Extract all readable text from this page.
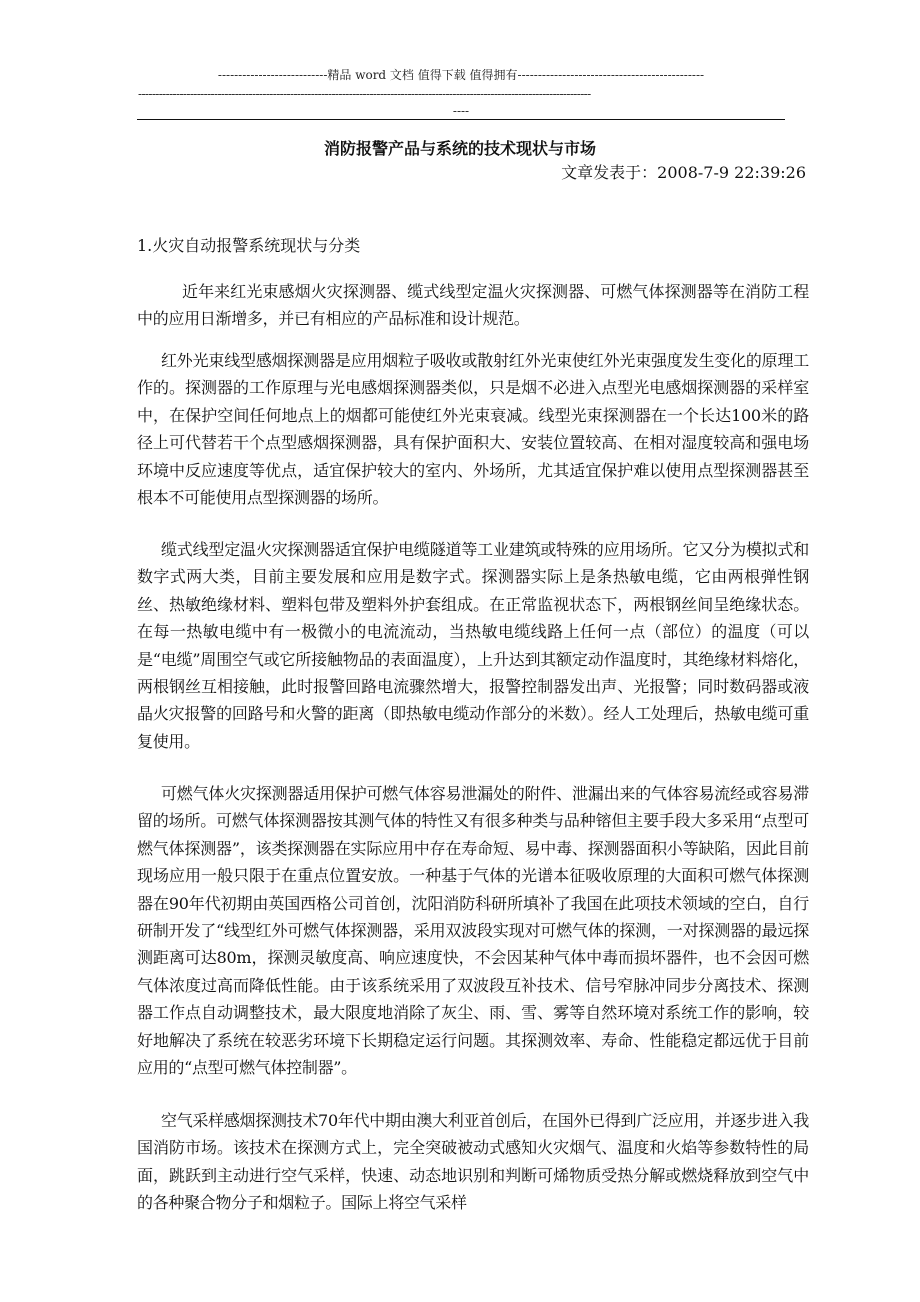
---------------------------精品 word 文档 值得下载 值得拥有----------------------------------------------
-----------------------------------------------------------------------------------------------------------------------------------
----
消防报警产品与系统的技术现状与市场
文章发表于：2008-7-9 22:39:26
1.火灾自动报警系统现状与分类

近年来红光束感烟火灾探测器、缆式线型定温火灾探测器、可燃气体探测器等在消防工程中的应用日渐增多，并已有相应的产品标准和设计规范。

红外光束线型感烟探测器是应用烟粒子吸收或散射红外光束使红外光束强度发生变化的原理工作的。探测器的工作原理与光电感烟探测器类似，只是烟不必进入点型光电感烟探测器的采样室中，在保护空间任何地点上的烟都可能使红外光束衰减。线型光束探测器在一个长达100米的路径上可代替若干个点型感烟探测器，具有保护面积大、安装位置较高、在相对湿度较高和强电场环境中反应速度等优点，适宜保护较大的室内、外场所，尤其适宜保护难以使用点型探测器甚至根本不可能使用点型探测器的场所。

缆式线型定温火灾探测器适宜保护电缆隧道等工业建筑或特殊的应用场所。它又分为模拟式和数字式两大类，目前主要发展和应用是数字式。探测器实际上是条热敏电缆，它由两根弹性钢丝、热敏绝缘材料、塑料包带及塑料外护套组成。在正常监视状态下，两根钢丝间呈绝缘状态。在每一热敏电缆中有一极微小的电流流动，当热敏电缆线路上任何一点（部位）的温度（可以是“电缆”周围空气或它所接触物品的表面温度），上升达到其额定动作温度时，其绝缘材料熔化，两根钢丝互相接触，此时报警回路电流骤然增大，报警控制器发出声、光报警；同时数码器或液晶火灾报警的回路号和火警的距离（即热敏电缆动作部分的米数）。经人工处理后，热敏电缆可重复使用。

可燃气体火灾探测器适用保护可燃气体容易泄漏处的附件、泄漏出来的气体容易流经或容易滞留的场所。可燃气体探测器按其测气体的特性又有很多种类与品种镕但主要手段大多采用“点型可燃气体探测器”，该类探测器在实际应用中存在寿命短、易中毒、探测器面积小等缺陷，因此目前现场应用一般只限于在重点位置安放。一种基于气体的光谱本征吸收原理的大面积可燃气体探测器在90年代初期由英国西格公司首创，沈阳消防科研所填补了我国在此项技术领域的空白，自行研制开发了“线型红外可燃气体探测器，采用双波段实现对可燃气体的探测，一对探测器的最远探测距离可达80m，探测灵敏度高、响应速度快，不会因某种气体中毒而损坏器件，也不会因可燃气体浓度过高而降低性能。由于该系统采用了双波段互补技术、信号窄脉冲同步分离技术、探测器工作点自动调整技术，最大限度地消除了灰尘、雨、雪、雾等自然环境对系统工作的影响，较好地解决了系统在较恶劣环境下长期稳定运行问题。其探测效率、寿命、性能稳定都远优于目前应用的“点型可燃气体控制器”。

空气采样感烟探测技术70年代中期由澳大利亚首创后，在国外已得到广泛应用，并逐步进入我国消防市场。该技术在探测方式上，完全突破被动式感知火灾烟气、温度和火焰等参数特性的局面，跳跃到主动进行空气采样，快速、动态地识别和判断可烯物质受热分解或燃烧释放到空气中的各种聚合物分子和烟粒子。国际上将空气采样
